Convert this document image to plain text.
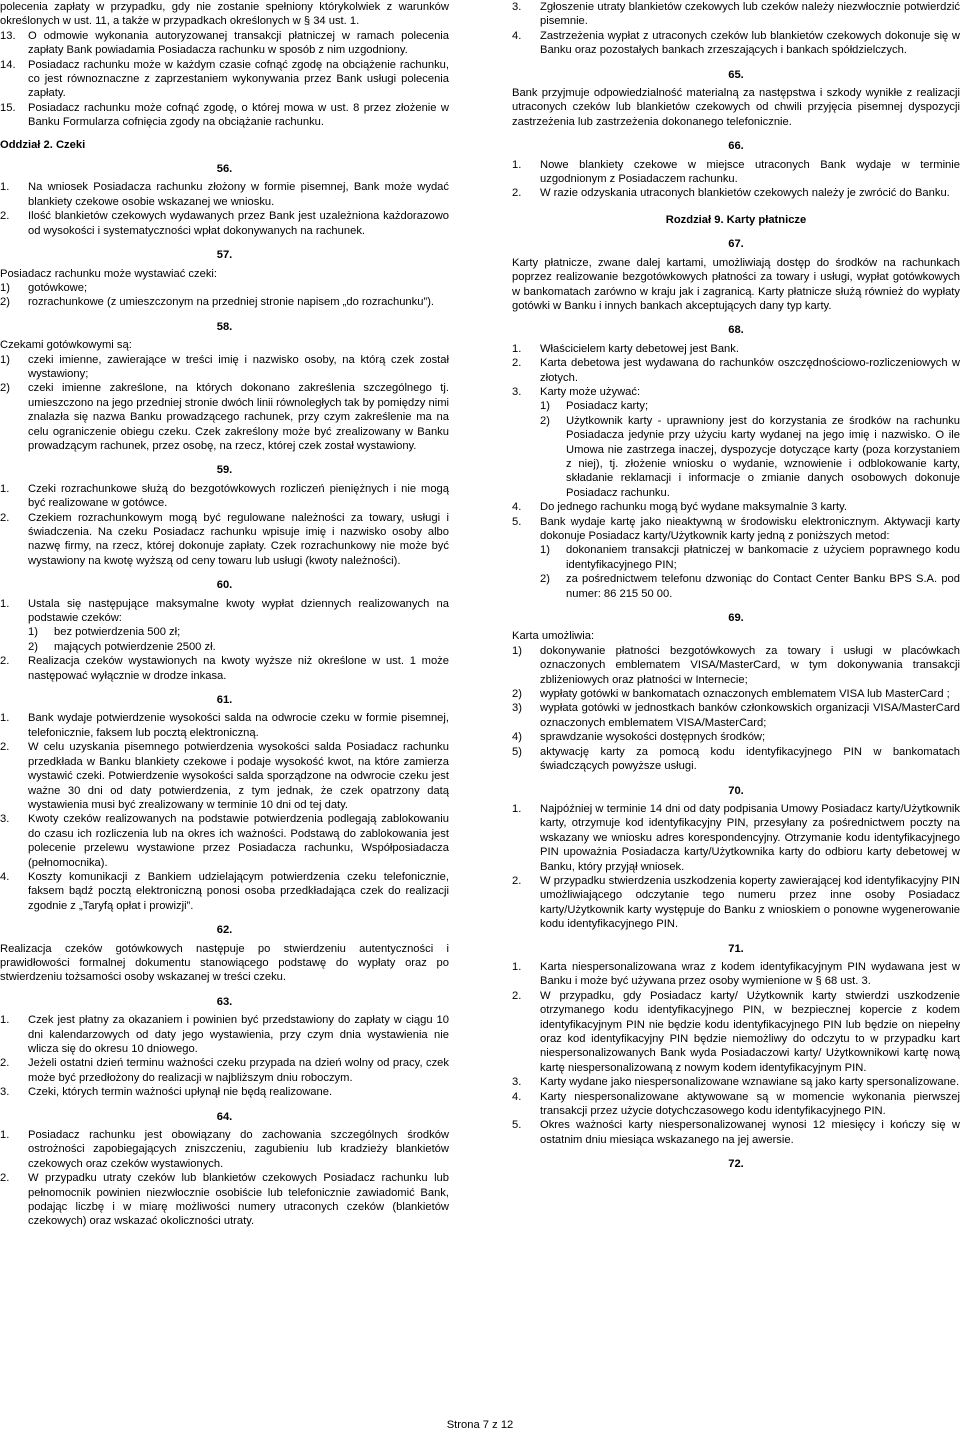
polecenia zapłaty w przypadku, gdy nie zostanie spełniony którykolwiek z warunków określonych w ust. 11, a także w przypadkach określonych w § 34 ust. 1.
13.	O odmowie wykonania autoryzowanej transakcji płatniczej w ramach polecenia zapłaty Bank powiadamia Posiadacza rachunku w sposób z nim uzgodniony.
14.	Posiadacz rachunku może w każdym czasie cofnąć zgodę na obciążenie rachunku, co jest równoznaczne z zaprzestaniem wykonywania przez Bank usługi polecenia zapłaty.
15.	Posiadacz rachunku może cofnąć zgodę, o której mowa w ust. 8 przez złożenie w Banku Formularza cofnięcia zgody na obciążanie rachunku.

Oddział 2. Czeki

56.
1.	Na wniosek Posiadacza rachunku złożony w formie pisemnej, Bank może wydać blankiety czekowe osobie wskazanej we wniosku.
2.	Ilość blankietów czekowych wydawanych przez Bank jest uzależniona każdorazowo od wysokości i systematyczności wpłat dokonywanych na rachunek.
57.

Posiadacz rachunku może wystawiać czeki:

1)	gotówkowe;
2)	rozrachunkowe (z umieszczonym na przedniej stronie napisem „do rozrachunku”).
58.

Czekami gotówkowymi są:

1)	czeki imienne, zawierające w treści imię i nazwisko osoby, na którą czek został wystawiony;
2)	czeki imienne zakreślone, na których dokonano zakreślenia szczególnego tj. umieszczono na jego przedniej stronie dwóch linii równoległych tak by pomiędzy nimi znalazła się nazwa Banku prowadzącego rachunek, przy czym zakreślenie ma na celu ograniczenie obiegu czeku. Czek zakreślony może być zrealizowany w Banku prowadzącym rachunek, przez osobę, na rzecz, której czek został wystawiony.
59.
1.	Czeki rozrachunkowe służą do bezgotówkowych rozliczeń pieniężnych i nie mogą być realizowane w gotówce.
2.	Czekiem rozrachunkowym mogą być regulowane należności za towary, usługi i świadczenia. Na czeku Posiadacz rachunku wpisuje imię i nazwisko osoby albo nazwę firmy, na rzecz, której dokonuje zapłaty. Czek rozrachunkowy nie może być wystawiony na kwotę wyższą od ceny towaru lub usługi (kwoty należności).
60.
1.	Ustala się następujące maksymalne kwoty wypłat dziennych realizowanych na podstawie czeków:
1)	bez potwierdzenia 500 zł;
2)	mających potwierdzenie 2500 zł.
2.	Realizacja czeków wystawionych na kwoty wyższe niż określone w ust. 1 może następować wyłącznie w drodze inkasa.
61.
1.	Bank wydaje potwierdzenie wysokości salda na odwrocie czeku w formie pisemnej, telefonicznie, faksem lub pocztą elektroniczną.
2.	W celu uzyskania pisemnego potwierdzenia wysokości salda Posiadacz rachunku przedkłada w Banku blankiety czekowe i podaje wysokość kwot, na które zamierza wystawić czeki. Potwierdzenie wysokości salda sporządzone na odwrocie czeku jest ważne 30 dni od daty potwierdzenia, z tym jednak, że czek opatrzony datą wystawienia musi być zrealizowany w terminie 10 dni od tej daty.
3.	Kwoty czeków realizowanych na podstawie potwierdzenia podlegają zablokowaniu do czasu ich rozliczenia lub na okres ich ważności. Podstawą do zablokowania jest polecenie przelewu wystawione przez Posiadacza rachunku, Współposiadacza (pełnomocnika).
4.	Koszty komunikacji z Bankiem udzielającym potwierdzenia czeku telefonicznie, faksem bądź pocztą elektroniczną ponosi osoba przedkładająca czek do realizacji zgodnie z „Taryfą opłat i prowizji”.
62.

Realizacja czeków gotówkowych następuje po stwierdzeniu autentyczności i prawidłowości formalnej dokumentu stanowiącego podstawę do wypłaty oraz po stwierdzeniu tożsamości osoby wskazanej w treści czeku.

63.
1.	Czek jest płatny za okazaniem i powinien być przedstawiony do zapłaty w ciągu 10 dni kalendarzowych od daty jego wystawienia, przy czym dnia wystawienia nie wlicza się do okresu 10 dniowego.
2.	Jeżeli ostatni dzień terminu ważności czeku przypada na dzień wolny od pracy, czek może być przedłożony do realizacji w najbliższym dniu roboczym.
3.	Czeki, których termin ważności upłynął nie będą realizowane.
64.
1.	Posiadacz rachunku jest obowiązany do zachowania szczególnych środków ostrożności zapobiegających zniszczeniu, zagubieniu lub kradzieży blankietów czekowych oraz czeków wystawionych.
2.	W przypadku utraty czeków lub blankietów czekowych Posiadacz rachunku lub pełnomocnik powinien niezwłocznie osobiście lub telefonicznie zawiadomić Bank, podając liczbę i w miarę możliwości numery utraconych czeków (blankietów czekowych) oraz wskazać okoliczności utraty.
3.	Zgłoszenie utraty blankietów czekowych lub czeków należy niezwłocznie potwierdzić pisemnie.
4.	Zastrzeżenia wypłat z utraconych czeków lub blankietów czekowych dokonuje się w Banku oraz pozostałych bankach zrzeszających i bankach spółdzielczych.
65.

Bank przyjmuje odpowiedzialność materialną za następstwa i szkody wynikłe z realizacji utraconych czeków lub blankietów czekowych od chwili przyjęcia pisemnej dyspozycji zastrzeżenia lub zastrzeżenia dokonanego telefonicznie.

66.
1.	Nowe blankiety czekowe w miejsce utraconych Bank wydaje w terminie uzgodnionym z Posiadaczem rachunku.
2.	W razie odzyskania utraconych blankietów czekowych należy je zwrócić do Banku.

Rozdział 9. Karty płatnicze

67.

Karty płatnicze, zwane dalej kartami, umożliwiają dostęp do środków na rachunkach poprzez realizowanie bezgotówkowych płatności za towary i usługi, wypłat gotówkowych w bankomatach zarówno w kraju jak i zagranicą. Karty płatnicze służą również do wypłaty gotówki w Banku i innych bankach akceptujących dany typ karty.

68.
1.	Właścicielem karty debetowej jest Bank.
2.	Karta debetowa jest wydawana do rachunków oszczędnościowo-rozliczeniowych w złotych.
3.	Karty może używać:
1)	Posiadacz karty;
2)	Użytkownik karty - uprawniony jest do korzystania ze środków na rachunku Posiadacza jedynie przy użyciu karty wydanej na jego imię i nazwisko. O ile Umowa nie zastrzega inaczej, dyspozycje dotyczące karty (poza korzystaniem z niej), tj. złożenie wniosku o wydanie, wznowienie i odblokowanie karty, składanie reklamacji i informacje o zmianie danych osobowych dokonuje Posiadacz rachunku.
4.	Do jednego rachunku mogą być wydane maksymalnie 3 karty.
5.	Bank wydaje kartę jako nieaktywną w środowisku elektronicznym. Aktywacji karty dokonuje Posiadacz karty/Użytkownik karty jedną z poniższych metod:
1)	dokonaniem transakcji płatniczej w bankomacie z użyciem poprawnego kodu identyfikacyjnego PIN;
2)	za pośrednictwem telefonu dzwoniąc do Contact Center Banku BPS S.A. pod numer: 86 215 50 00.
69.

Karta umożliwia:

1)	dokonywanie płatności bezgotówkowych za towary i usługi w placówkach oznaczonych emblematem VISA/MasterCard, w tym dokonywania transakcji zbliżeniowych oraz płatności w Internecie;
2)	wypłaty gotówki w bankomatach oznaczonych emblematem VISA lub MasterCard ;
3)	wypłata gotówki w jednostkach banków członkowskich organizacji VISA/MasterCard oznaczonych emblematem VISA/MasterCard;
4)	sprawdzanie wysokości dostępnych środków;
5)	aktywację karty za pomocą kodu identyfikacyjnego PIN w bankomatach świadczących powyższe usługi.
70.
1.	Najpóźniej w terminie 14 dni od daty podpisania Umowy Posiadacz karty/Użytkownik karty, otrzymuje kod identyfikacyjny PIN, przesyłany za pośrednictwem poczty na wskazany we wniosku adres korespondencyjny. Otrzymanie kodu identyfikacyjnego PIN upoważnia Posiadacza karty/Użytkownika karty do odbioru karty debetowej w Banku, który przyjął wniosek.
2.	W przypadku stwierdzenia uszkodzenia koperty zawierającej kod identyfikacyjny PIN umożliwiającego odczytanie tego numeru przez inne osoby Posiadacz karty/Użytkownik karty występuje do Banku z wnioskiem o ponowne wygenerowanie kodu identyfikacyjnego PIN.
71.
1.	Karta niespersonalizowana wraz z kodem identyfikacyjnym PIN wydawana jest w Banku i może być używana przez osoby wymienione w § 68 ust. 3.
2.	W przypadku, gdy Posiadacz karty/ Użytkownik karty stwierdzi uszkodzenie otrzymanego kodu identyfikacyjnego PIN, w bezpiecznej kopercie z kodem identyfikacyjnym PIN nie będzie kodu identyfikacyjnego PIN lub będzie on niepełny oraz kod identyfikacyjny PIN będzie niemożliwy do odczytu to w przypadku kart niespersonalizowanych Bank wyda Posiadaczowi karty/ Użytkownikowi kartę nową kartę niespersonalizowaną z nowym kodem identyfikacyjnym PIN.
3.	Karty wydane jako niespersonalizowane wznawiane są jako karty spersonalizowane.
4.	Karty niespersonalizowane aktywowane są w momencie wykonania pierwszej transakcji przez użycie dotychczasowego kodu identyfikacyjnego PIN.
5.	Okres ważności karty niespersonalizowanej wynosi 12 miesięcy i kończy się w ostatnim dniu miesiąca wskazanego na jej awersie.
72.
Strona 7 z 12
